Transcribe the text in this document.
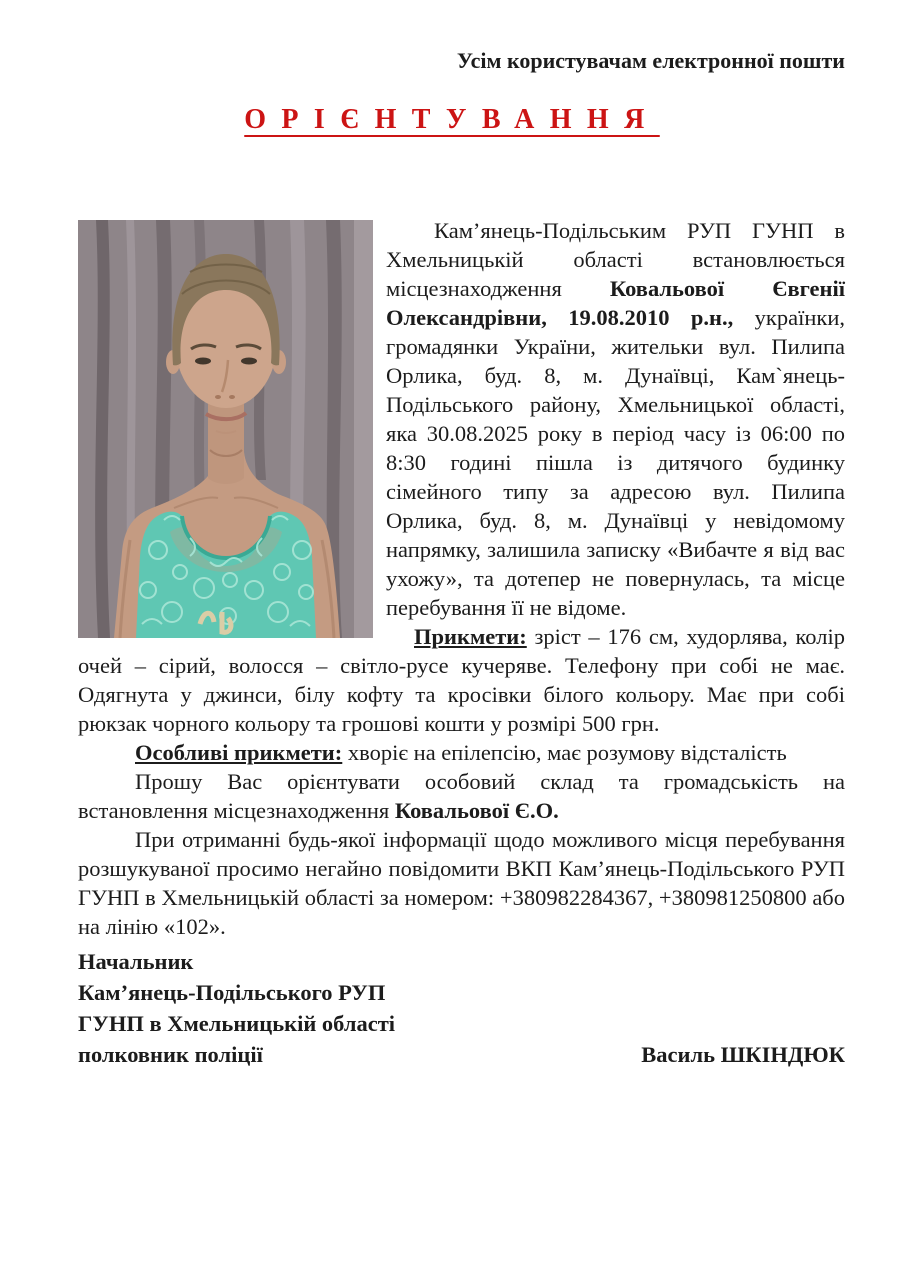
Усім користувачам електронної пошти
ОРІЄНТУВАННЯ

Кам’янець-Подільським РУП ГУНП в Хмельницькій області встановлюється місцезнаходження Ковальової Євгенії Олександрівни, 19.08.2010 р.н., українки, громадянки України, жительки вул. Пилипа Орлика, буд. 8, м. Дунаївці, Кам`янець-Подільського району, Хмельницької області, яка 30.08.2025 року в період часу із 06:00 по 8:30 годині пішла із дитячого будинку сімейного типу за адресою вул. Пилипа Орлика, буд. 8, м. Дунаївці у невідомому напрямку, залишила записку «Вибачте я від вас ухожу», та дотепер не повернулась, та місце перебування її не відоме.

Прикмети: зріст – 176 см, худорлява, колір очей – сірий, волосся – світло-русе кучеряве. Телефону при собі не має. Одягнута у джинси, білу кофту та кросівки білого кольору. Має при собі рюкзак чорного кольору та грошові кошти у розмірі 500 грн.

Особливі прикмети: хворіє на епілепсію, має розумову відсталість

Прошу Вас орієнтувати особовий склад та громадськість на встановлення місцезнаходження Ковальової Є.О.

При отриманні будь-якої інформації щодо можливого місця перебування розшукуваної просимо негайно повідомити ВКП Кам’янець-Подільського РУП ГУНП в Хмельницькій області за номером: +380982284367, +380981250800 або на лінію «102».

Начальник
Кам’янець-Подільського РУП
ГУНП в Хмельницькій області
полковник поліції	Василь ШКІНДЮК
